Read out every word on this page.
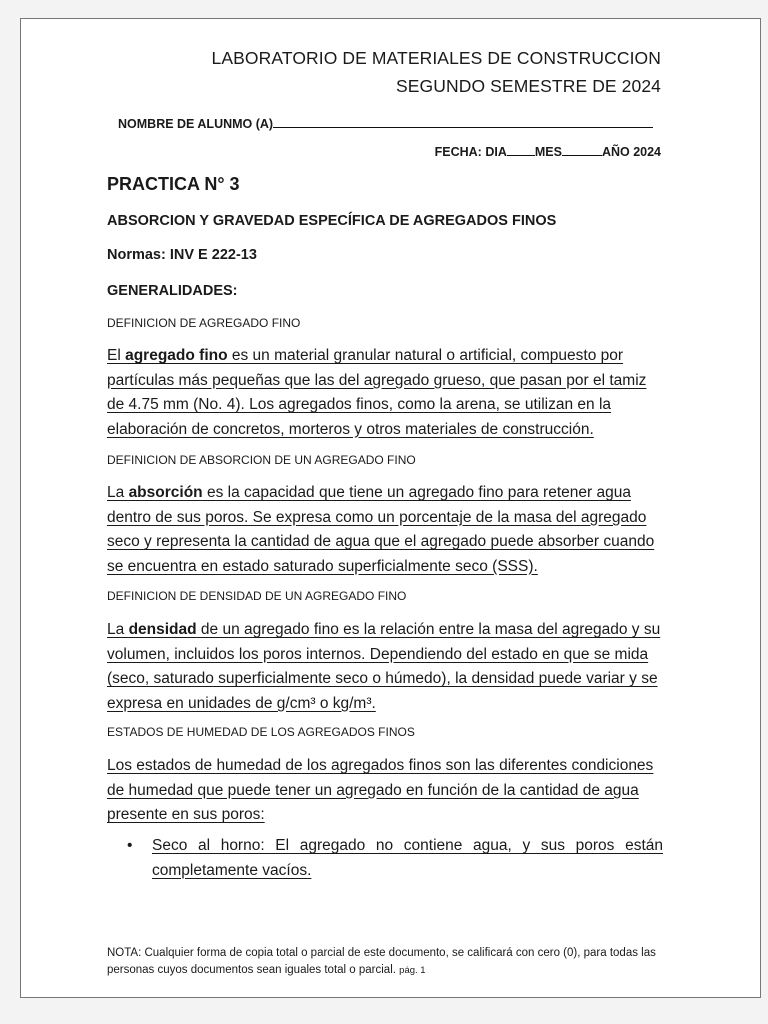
LABORATORIO DE MATERIALES DE CONSTRUCCION
SEGUNDO SEMESTRE DE 2024
NOMBRE DE ALUNMO (A)
FECHA: DIA MES	AÑO 2024
PRACTICA N° 3
ABSORCION Y GRAVEDAD ESPECÍFICA DE AGREGADOS FINOS
Normas: INV E 222-13
GENERALIDADES:
DEFINICION DE AGREGADO FINO
El agregado fino es un material granular natural o artificial, compuesto por partículas más pequeñas que las del agregado grueso, que pasan por el tamiz de 4.75 mm (No. 4). Los agregados finos, como la arena, se utilizan en la elaboración de concretos, morteros y otros materiales de construcción.
DEFINICION DE ABSORCION DE UN AGREGADO FINO
La absorción es la capacidad que tiene un agregado fino para retener agua dentro de sus poros. Se expresa como un porcentaje de la masa del agregado seco y representa la cantidad de agua que el agregado puede absorber cuando se encuentra en estado saturado superficialmente seco (SSS).
DEFINICION DE DENSIDAD DE UN AGREGADO FINO
La densidad de un agregado fino es la relación entre la masa del agregado y su volumen, incluidos los poros internos. Dependiendo del estado en que se mida (seco, saturado superficialmente seco o húmedo), la densidad puede variar y se expresa en unidades de g/cm³ o kg/m³.
ESTADOS DE HUMEDAD DE LOS AGREGADOS FINOS
Los estados de humedad de los agregados finos son las diferentes condiciones de humedad que puede tener un agregado en función de la cantidad de agua presente en sus poros:
• Seco al horno: El agregado no contiene agua, y sus poros están completamente vacíos.
NOTA: Cualquier forma de copia total o parcial de este documento, se calificará con cero (0), para todas las personas cuyos documentos sean iguales total o parcial. pág. 1
